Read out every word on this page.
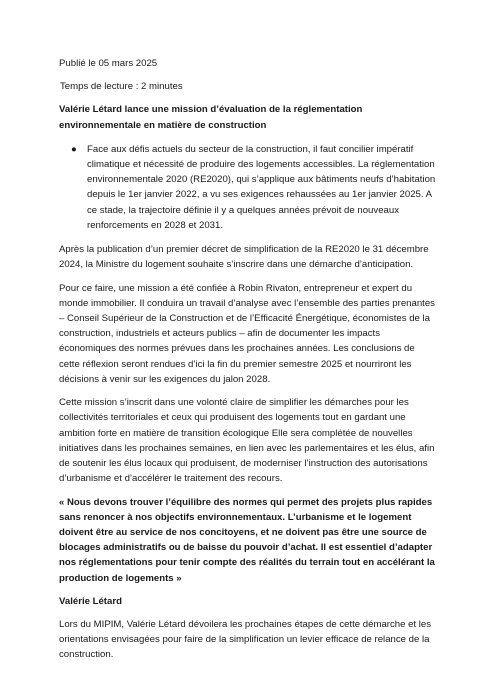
Publié le 05 mars 2025

Temps de lecture : 2 minutes

Valérie Létard lance une mission d’évaluation de la réglementation environnementale en matière de construction

● Face aux défis actuels du secteur de la construction, il faut concilier impératif climatique et nécessité de produire des logements accessibles. La réglementation environnementale 2020 (RE2020), qui s’applique aux bâtiments neufs d’habitation depuis le 1er janvier 2022, a vu ses exigences rehaussées au 1er janvier 2025. A ce stade, la trajectoire définie il y a quelques années prévoit de nouveaux renforcements en 2028 et 2031.

Après la publication d’un premier décret de simplification de la RE2020 le 31 décembre 2024, la Ministre du logement souhaite s’inscrire dans une démarche d’anticipation.

Pour ce faire, une mission a été confiée à Robin Rivaton, entrepreneur et expert du monde immobilier. Il conduira un travail d’analyse avec l’ensemble des parties prenantes – Conseil Supérieur de la Construction et de l’Efficacité Énergétique, économistes de la construction, industriels et acteurs publics – afin de documenter les impacts économiques des normes prévues dans les prochaines années. Les conclusions de cette réflexion seront rendues d’ici la fin du premier semestre 2025 et nourriront les décisions à venir sur les exigences du jalon 2028.

Cette mission s’inscrit dans une volonté claire de simplifier les démarches pour les collectivités territoriales et ceux qui produisent des logements tout en gardant une ambition forte en matière de transition écologique Elle sera complétée de nouvelles initiatives dans les prochaines semaines, en lien avec les parlementaires et les élus, afin de soutenir les élus locaux qui produisent, de moderniser l’instruction des autorisations d’urbanisme et d’accélérer le traitement des recours.

« Nous devons trouver l’équilibre des normes qui permet des projets plus rapides sans renoncer à nos objectifs environnementaux. L’urbanisme et le logement doivent être au service de nos concitoyens, et ne doivent pas être une source de blocages administratifs ou de baisse du pouvoir d’achat. Il est essentiel d’adapter nos réglementations pour tenir compte des réalités du terrain tout en accélérant la production de logements »

Valérie Létard

Lors du MIPIM, Valérie Létard dévoilera les prochaines étapes de cette démarche et les orientations envisagées pour faire de la simplification un levier efficace de relance de la construction.
